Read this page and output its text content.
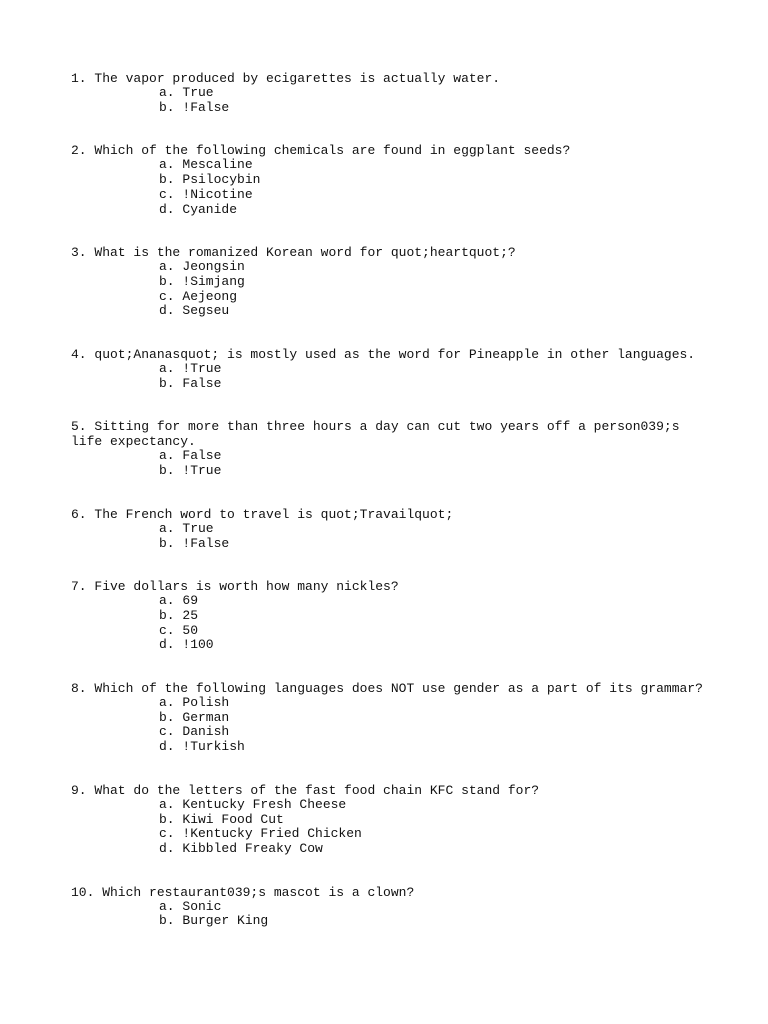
1. The vapor produced by ecigarettes is actually water.

a. True
b. !False

2. Which of the following chemicals are found in eggplant seeds?

a. Mescaline
b. Psilocybin
c. !Nicotine
d. Cyanide

3. What is the romanized Korean word for quot;heartquot;?

a. Jeongsin
b. !Simjang
c. Aejeong
d. Segseu

4. quot;Ananasquot; is mostly used as the word for Pineapple in other languages.

a. !True
b. False

5. Sitting for more than three hours a day can cut two years off a person039;s life expectancy.

a. False
b. !True

6. The French word to travel is quot;Travailquot;

a. True
b. !False

7. Five dollars is worth how many nickles?

a. 69
b. 25
c. 50
d. !100

8. Which of the following languages does NOT use gender as a part of its grammar?

a. Polish
b. German
c. Danish
d. !Turkish

9. What do the letters of the fast food chain KFC stand for?

a. Kentucky Fresh Cheese
b. Kiwi Food Cut
c. !Kentucky Fried Chicken
d. Kibbled Freaky Cow

10. Which restaurant039;s mascot is a clown?

a. Sonic
b. Burger King
